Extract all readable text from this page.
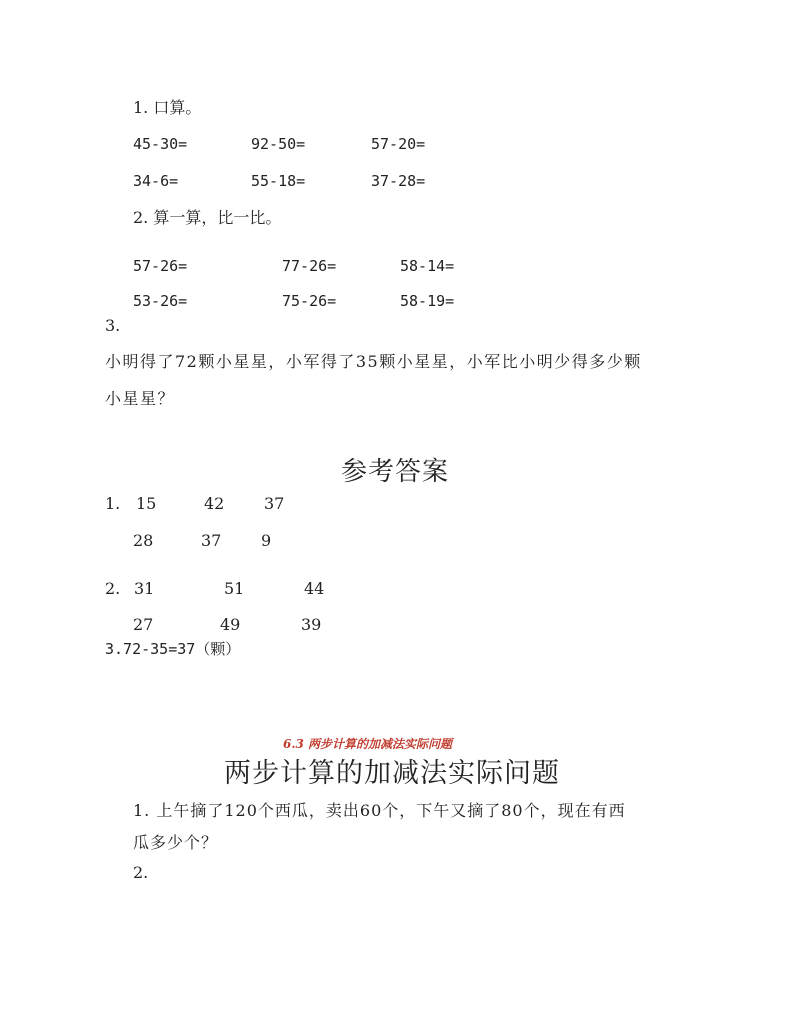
1. 口算。
45-30=	92-50=	57-20=
34-6=	55-18=	37-28=
2. 算一算，比一比。
57-26=	77-26=	58-14=
53-26=	75-26=	58-19=
3.
小明得了72颗小星星，小军得了35颗小星星，小军比小明少得多少颗
小星星？
参考答案
1. 15	42 37
28	37 9
2. 31	51	44
27	49	39
3.72-35=37（颗）
6.3 两步计算的加减法实际问题
两步计算的加减法实际问题
1. 上午摘了120个西瓜，卖出60个，下午又摘了80个，现在有西
瓜多少个？
2.
